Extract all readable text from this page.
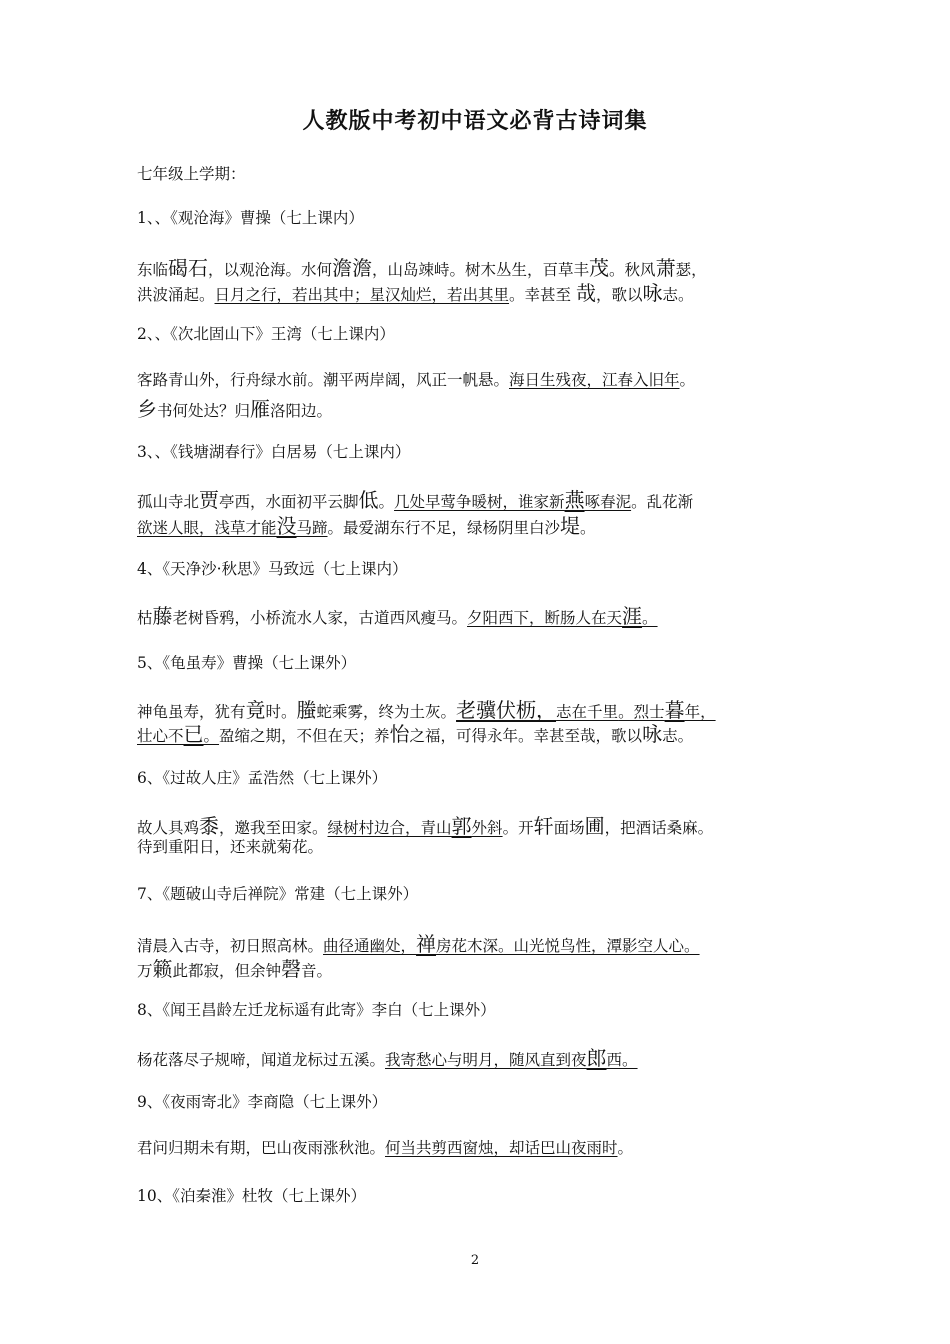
人教版中考初中语文必背古诗词集
七年级上学期：
1、、《观沧海》曹操（七上课内）
东临碣石，以观沧海。水何澹澹，山岛竦峙。树木丛生，百草丰茂。秋风萧瑟，
洪波涌起。日月之行，若出其中；星汉灿烂，若出其里。幸甚至 哉，歌以咏志。
2、、《次北固山下》王湾（七上课内）
客路青山外，行舟绿水前。潮平两岸阔，风正一帆悬。海日生残夜，江春入旧年。
乡书何处达？归雁洛阳边。
3、、《钱塘湖春行》白居易（七上课内）
孤山寺北贾亭西，水面初平云脚低。几处早莺争暖树，谁家新燕啄春泥。乱花渐
欲迷人眼，浅草才能没马蹄。最爱湖东行不足，绿杨阴里白沙堤。
4、《天净沙·秋思》马致远（七上课内）
枯藤老树昏鸦，小桥流水人家，古道西风瘦马。夕阳西下，断肠人在天涯。
5、《龟虽寿》曹操（七上课外）
神龟虽寿，犹有竟时。螣蛇乘雾，终为土灰。老骥伏枥，志在千里。烈士暮年，
壮心不已。盈缩之期，不但在天；养怡之福，可得永年。幸甚至哉，歌以咏志。
6、《过故人庄》孟浩然（七上课外）
故人具鸡黍，邀我至田家。绿树村边合，青山郭外斜。开轩面场圃，把酒话桑麻。
待到重阳日，还来就菊花。
7、《题破山寺后禅院》常建（七上课外）
清晨入古寺，初日照高林。曲径通幽处，禅房花木深。山光悦鸟性，潭影空人心。
万籁此都寂，但余钟磬音。
8、《闻王昌龄左迁龙标遥有此寄》李白（七上课外）
杨花落尽子规啼，闻道龙标过五溪。我寄愁心与明月，随风直到夜郎西。
9、《夜雨寄北》李商隐（七上课外）
君问归期未有期，巴山夜雨涨秋池。何当共剪西窗烛，却话巴山夜雨时。
10、《泊秦淮》杜牧（七上课外）
2
